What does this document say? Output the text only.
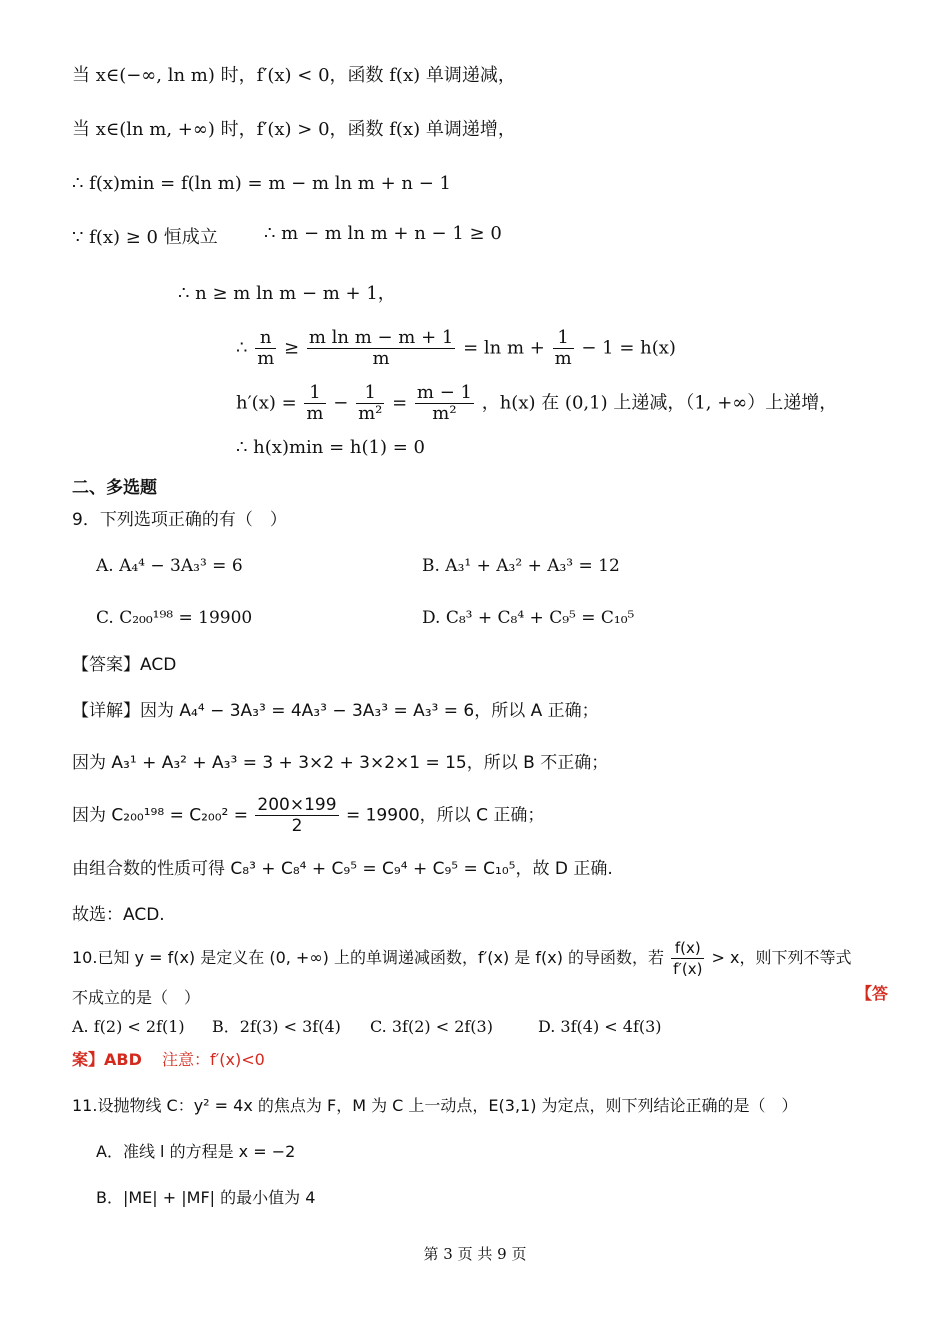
当 x∈(−∞, ln m) 时，f′(x) < 0，函数 f(x) 单调递减，
当 x∈(ln m, +∞) 时，f′(x) > 0，函数 f(x) 单调递增，
∴ f(x)min = f(ln m) = m − m ln m + n − 1
∵ f(x) ≥ 0 恒成立	∴ m − m ln m + n − 1 ≥ 0
∴ n ≥ m ln m − m + 1，
∴ $\frac{n}{m} \ge \frac{\text{m ln m − m + 1}}{m} = \ln m + \frac{1}{m} - 1 = h(x)$
$h'(x) = \frac{1}{m} - \frac{1}{\text{m²}} = \frac{m - 1}{\text{m²}}$ ，h(x) 在 (0,1) 上递减，（1, +∞）上递增，
∴ h(x)min = h(1) = 0
二、多选题
9．下列选项正确的有（　）
A. A₄⁴ − 3A₃³ = 6	B. A₃¹ + A₃² + A₃³ = 12
C. C₂₀₀¹⁹⁸ = 19900	D. C₈³ + C₈⁴ + C₉⁵ = C₁₀⁵
【答案】ACD
【详解】因为 A₄⁴ − 3A₃³ = 4A₃³ − 3A₃³ = A₃³ = 6，所以 A 正确；
因为 A₃¹ + A₃² + A₃³ = 3 + 3×2 + 3×2×1 = 15，所以 B 不正确；
因为 $C_{200}^{198} = C_{200}^2 = \frac{200\times 199}{2} = 19900$，所以 C 正确；
由组合数的性质可得 C₈³ + C₈⁴ + C₉⁵ = C₉⁴ + C₉⁵ = C₁₀⁵，故 D 正确.
故选：ACD.
10.已知 y = f(x) 是定义在 (0, +∞) 上的单调递减函数，f′(x) 是 f(x) 的导函数，若 $\frac{f(x)}{f'(x)} > x$，则下列不等式
不成立的是（　）	【答
A. f(2) < 2f(1) B．2f(3) < 3f(4) C. 3f(2) < 2f(3)	D. 3f(4) < 4f(3)
案】ABD 注意：f′(x)<0
11.设抛物线 C：y² = 4x 的焦点为 F，M 为 C 上一动点，E(3,1) 为定点，则下列结论正确的是（　）
A．准线 l 的方程是 x = −2
B．|ME| + |MF| 的最小值为 4
第 3 页 共 9 页
